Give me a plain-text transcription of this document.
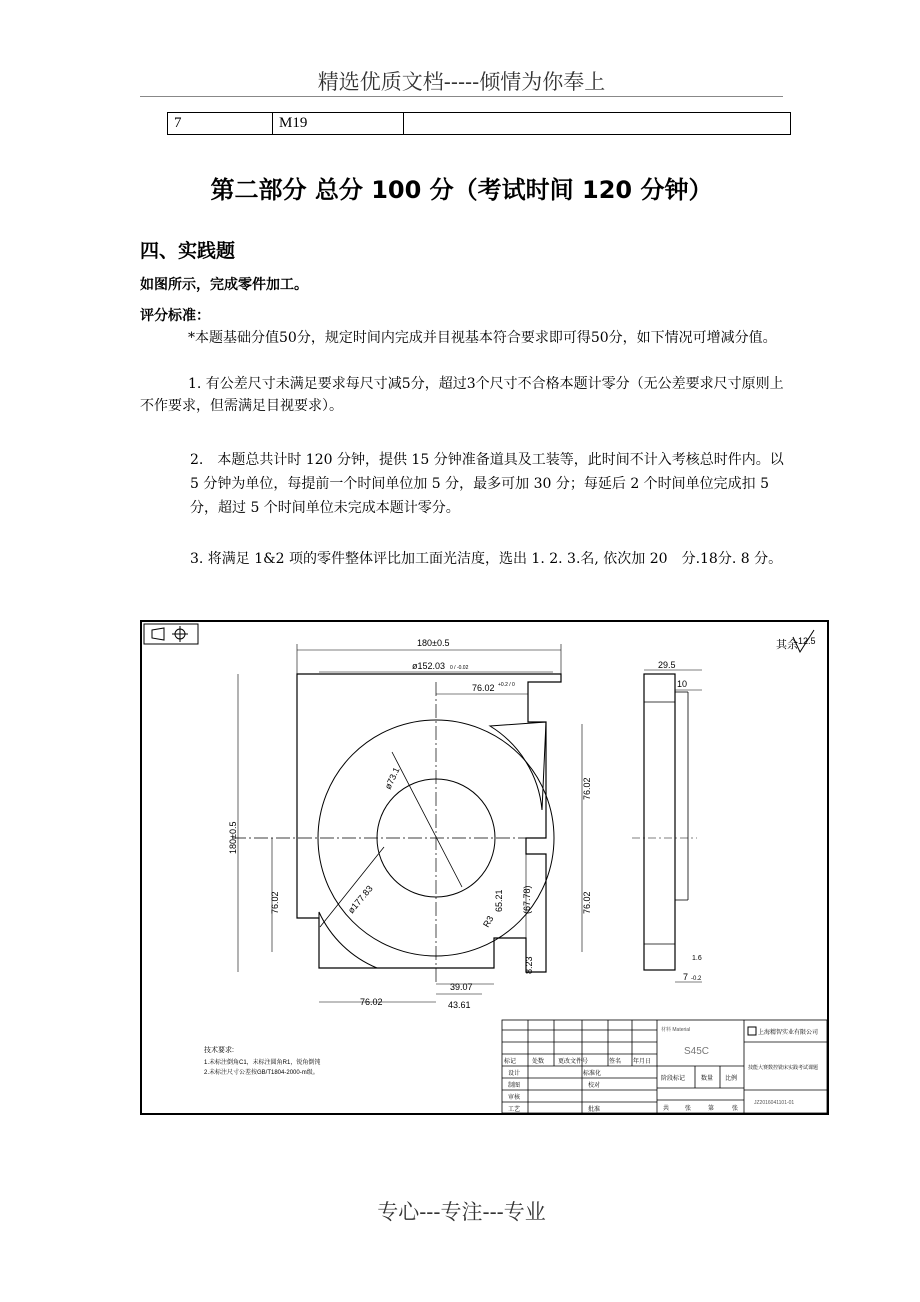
精选优质文档-----倾情为你奉上
7	M19	
第二部分 总分 100 分（考试时间 120 分钟）
四、实践题
如图所示，完成零件加工。
评分标准：
*本题基础分值50分，规定时间内完成并目视基本符合要求即可得50分，如下情况可增减分值。
1. 有公差尺寸未满足要求每尺寸减5分，超过3个尺寸不合格本题计零分（无公差要求尺寸原则上不作要求，但需满足目视要求）。
2.　本题总共计时 120 分钟，提供 15 分钟准备道具及工装等，此时间不计入考核总时件内。以 5 分钟为单位，每提前一个时间单位加 5 分，最多可加 30 分；每延后 2 个时间单位完成扣 5 分，超过 5 个时间单位未完成本题计零分。
3. 将满足 1&2 项的零件整体评比加工面光洁度，选出 1. 2. 3.名, 依次加 20　分.18分. 8 分。
其余 12.5
180±0.5
ø152.03 0 / -0.02
76.02 +0.2 / 0
180±0.5
76.02
76.02
76.02
ø73.1
ø177.83	65.21 (67.78)
R3
8.23
39.07
76.02	43.61
29.5
10
7 -0.2
1.6
技术要求:
1.未标注倒角C1，未标注圆角R1，锐角倒钝
2.未标注尺寸公差按GB/T1804-2000-m级。
标记	处数 更改文件号	签名 年月日
设计	标准化
制图	校对
审核
工艺	批准
阶段标记	数量 比例
共	张	第	张
材料 Material
S45C
上海精智实业有限公司
技能大赛数控铣床实践考试课题
JZ2016041101-01
专心---专注---专业
